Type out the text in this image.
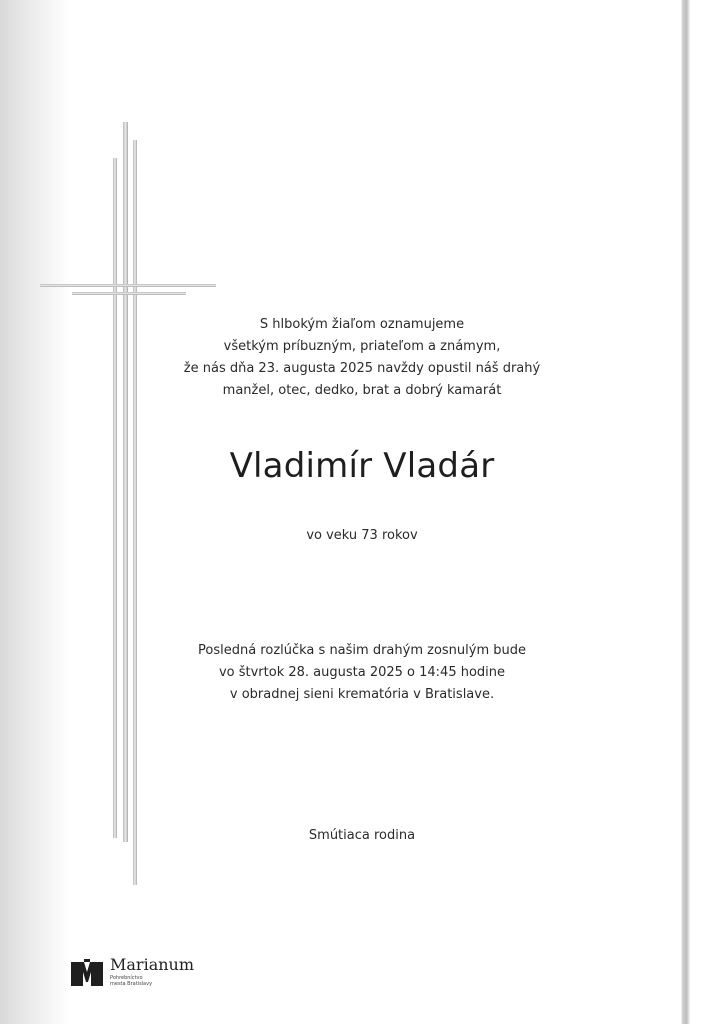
S hlbokým žiaľom oznamujeme
všetkým príbuzným, priateľom a známym,
že nás dňa 23. augusta 2025 navždy opustil náš drahý
manžel, otec, dedko, brat a dobrý kamarát
Vladimír Vladár
vo veku 73 rokov
Posledná rozlúčka s našim drahým zosnulým bude
vo štvrtok 28. augusta 2025 o 14:45 hodine
v obradnej sieni krematória v Bratislave.
Smútiaca rodina
Marianum
Pohrebníctvo
mesta Bratislavy
